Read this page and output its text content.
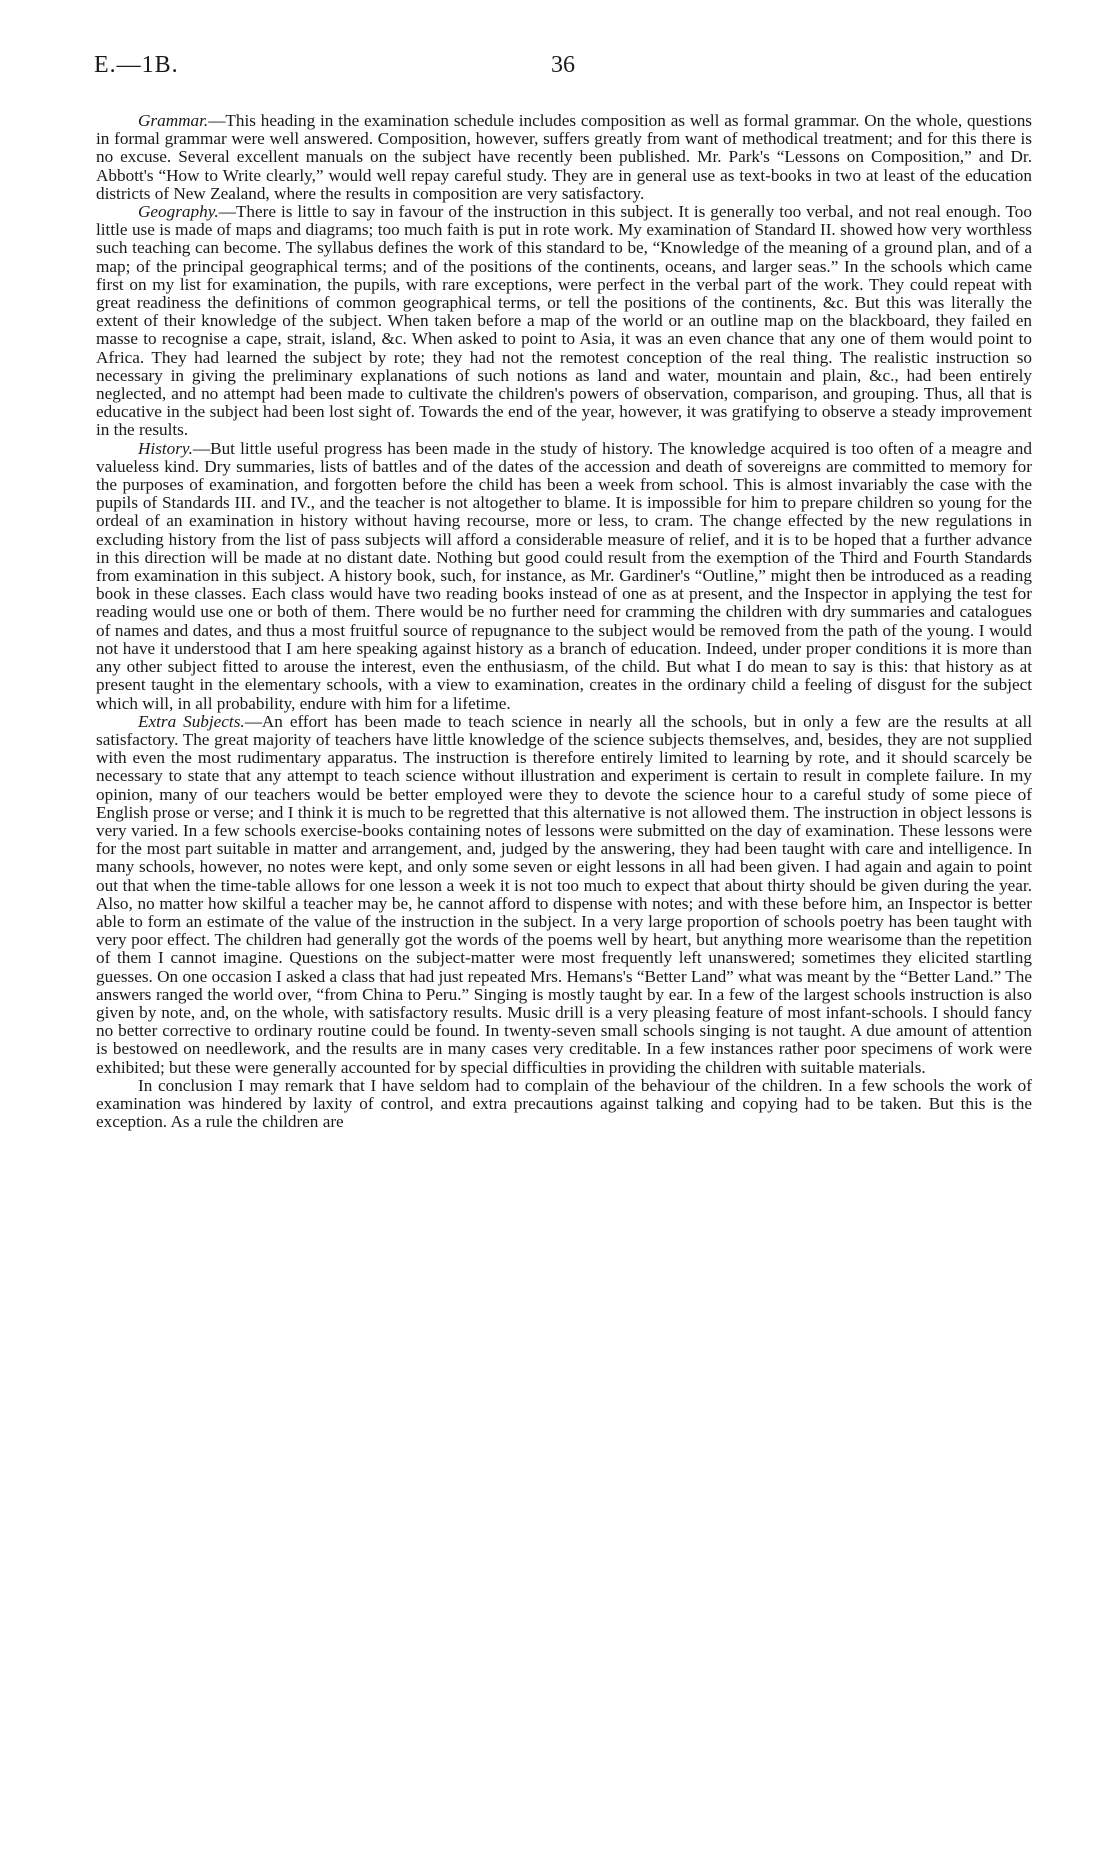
E.—1B.	36

Grammar.—This heading in the examination schedule includes composition as well as formal grammar. On the whole, questions in formal grammar were well answered. Composition, however, suffers greatly from want of methodical treatment; and for this there is no excuse. Several excellent manuals on the subject have recently been published. Mr. Park's “Lessons on Composition,” and Dr. Abbott's “How to Write clearly,” would well repay careful study. They are in general use as text-books in two at least of the education districts of New Zealand, where the results in composition are very satisfactory.

Geography.—There is little to say in favour of the instruction in this subject. It is generally too verbal, and not real enough. Too little use is made of maps and diagrams; too much faith is put in rote work. My examination of Standard II. showed how very worthless such teaching can become. The syllabus defines the work of this standard to be, “Knowledge of the meaning of a ground plan, and of a map; of the principal geographical terms; and of the positions of the continents, oceans, and larger seas.” In the schools which came first on my list for examination, the pupils, with rare exceptions, were perfect in the verbal part of the work. They could repeat with great readiness the definitions of common geographical terms, or tell the positions of the continents, &c. But this was literally the extent of their knowledge of the subject. When taken before a map of the world or an outline map on the blackboard, they failed en masse to recognise a cape, strait, island, &c. When asked to point to Asia, it was an even chance that any one of them would point to Africa. They had learned the subject by rote; they had not the remotest conception of the real thing. The realistic instruction so necessary in giving the preliminary explanations of such notions as land and water, mountain and plain, &c., had been entirely neglected, and no attempt had been made to cultivate the children's powers of observation, comparison, and grouping. Thus, all that is educative in the subject had been lost sight of. Towards the end of the year, however, it was gratifying to observe a steady improvement in the results.

History.—But little useful progress has been made in the study of history. The knowledge acquired is too often of a meagre and valueless kind. Dry summaries, lists of battles and of the dates of the accession and death of sovereigns are committed to memory for the purposes of examination, and forgotten before the child has been a week from school. This is almost invariably the case with the pupils of Standards III. and IV., and the teacher is not altogether to blame. It is impossible for him to prepare children so young for the ordeal of an examination in history without having recourse, more or less, to cram. The change effected by the new regulations in excluding history from the list of pass subjects will afford a considerable measure of relief, and it is to be hoped that a further advance in this direction will be made at no distant date. Nothing but good could result from the exemption of the Third and Fourth Standards from examination in this subject. A history book, such, for instance, as Mr. Gardiner's “Outline,” might then be introduced as a reading book in these classes. Each class would have two reading books instead of one as at present, and the Inspector in applying the test for reading would use one or both of them. There would be no further need for cramming the children with dry summaries and catalogues of names and dates, and thus a most fruitful source of repugnance to the subject would be removed from the path of the young. I would not have it understood that I am here speaking against history as a branch of education. Indeed, under proper conditions it is more than any other subject fitted to arouse the interest, even the enthusiasm, of the child. But what I do mean to say is this: that history as at present taught in the elementary schools, with a view to examination, creates in the ordinary child a feeling of disgust for the subject which will, in all probability, endure with him for a lifetime.

Extra Subjects.—An effort has been made to teach science in nearly all the schools, but in only a few are the results at all satisfactory. The great majority of teachers have little knowledge of the science subjects themselves, and, besides, they are not supplied with even the most rudimentary apparatus. The instruction is therefore entirely limited to learning by rote, and it should scarcely be necessary to state that any attempt to teach science without illustration and experiment is certain to result in complete failure. In my opinion, many of our teachers would be better employed were they to devote the science hour to a careful study of some piece of English prose or verse; and I think it is much to be regretted that this alternative is not allowed them. The instruction in object lessons is very varied. In a few schools exercise-books containing notes of lessons were submitted on the day of examination. These lessons were for the most part suitable in matter and arrangement, and, judged by the answering, they had been taught with care and intelligence. In many schools, however, no notes were kept, and only some seven or eight lessons in all had been given. I had again and again to point out that when the time-table allows for one lesson a week it is not too much to expect that about thirty should be given during the year. Also, no matter how skilful a teacher may be, he cannot afford to dispense with notes; and with these before him, an Inspector is better able to form an estimate of the value of the instruction in the subject. In a very large proportion of schools poetry has been taught with very poor effect. The children had generally got the words of the poems well by heart, but anything more wearisome than the repetition of them I cannot imagine. Questions on the subject-matter were most frequently left unanswered; sometimes they elicited startling guesses. On one occasion I asked a class that had just repeated Mrs. Hemans's “Better Land” what was meant by the “Better Land.” The answers ranged the world over, “from China to Peru.” Singing is mostly taught by ear. In a few of the largest schools instruction is also given by note, and, on the whole, with satisfactory results. Music drill is a very pleasing feature of most infant-schools. I should fancy no better corrective to ordinary routine could be found. In twenty-seven small schools singing is not taught. A due amount of attention is bestowed on needlework, and the results are in many cases very creditable. In a few instances rather poor specimens of work were exhibited; but these were generally accounted for by special difficulties in providing the children with suitable materials.

In conclusion I may remark that I have seldom had to complain of the behaviour of the children. In a few schools the work of examination was hindered by laxity of control, and extra precautions against talking and copying had to be taken. But this is the exception. As a rule the children are
